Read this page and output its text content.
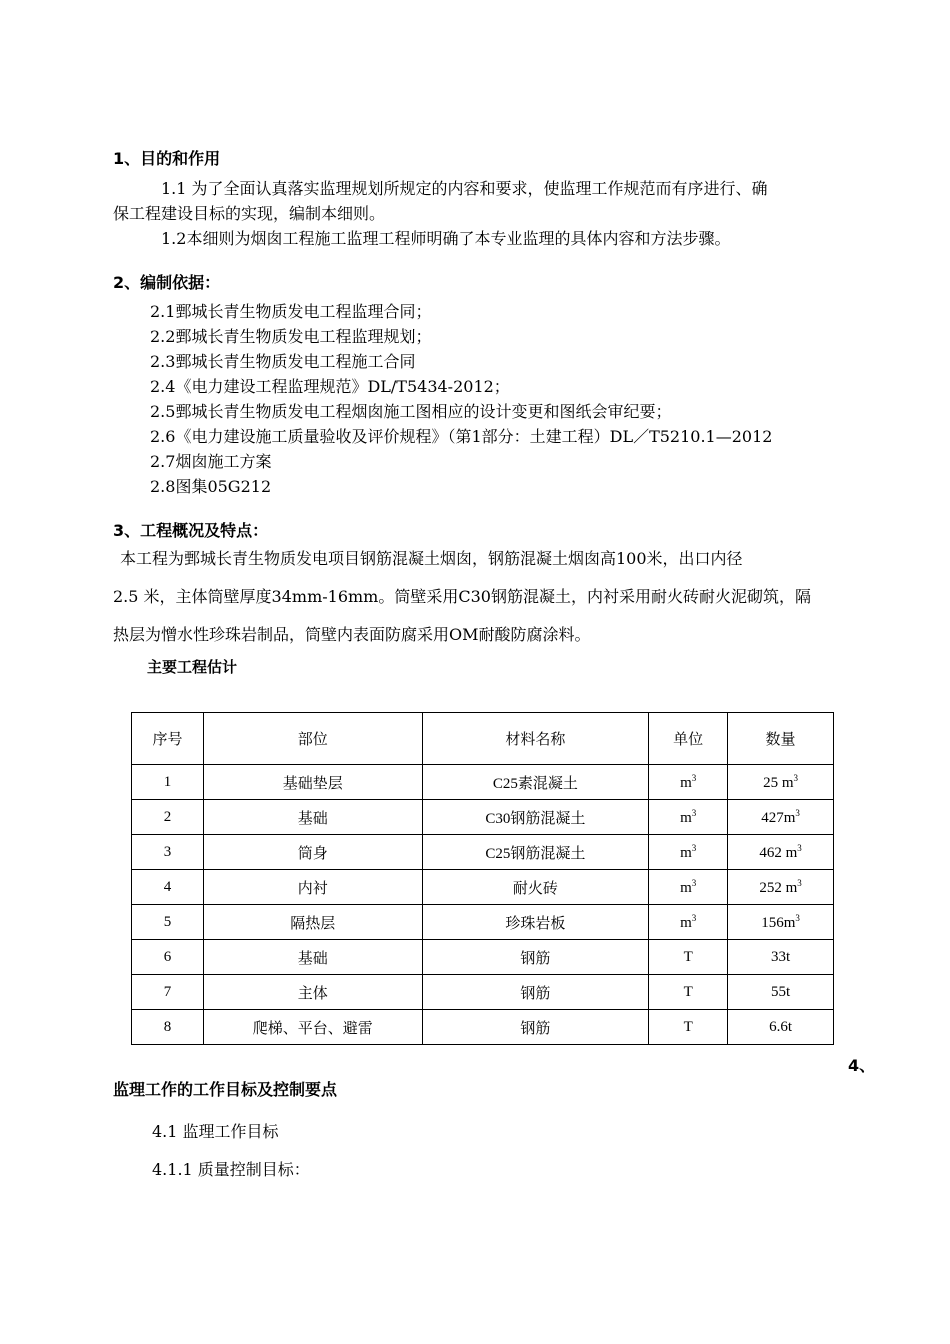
1、目的和作用
1.1 为了全面认真落实监理规划所规定的内容和要求，使监理工作规范而有序进行、确
保工程建设目标的实现，编制本细则。
1.2本细则为烟囱工程施工监理工程师明确了本专业监理的具体内容和方法步骤。
2、编制依据：
2.1鄄城长青生物质发电工程监理合同；
2.2鄄城长青生物质发电工程监理规划；
2.3鄄城长青生物质发电工程施工合同
2.4《电力建设工程监理规范》DL/T5434-2012；
2.5鄄城长青生物质发电工程烟囱施工图相应的设计变更和图纸会审纪要；
2.6《电力建设施工质量验收及评价规程》（第1部分：土建工程）DL／T5210.1—2012
2.7烟囱施工方案
2.8图集05G212
3、工程概况及特点：
本工程为鄄城长青生物质发电项目钢筋混凝土烟囱，钢筋混凝土烟囱高100米，出口内径
2.5 米，主体筒壁厚度34mm-16mm。筒壁采用C30钢筋混凝土，内衬采用耐火砖耐火泥砌筑，隔
热层为憎水性珍珠岩制品，筒壁内表面防腐采用OM耐酸防腐涂料。
主要工程估计
序号	部位	材料名称	单位	数量
1	基础垫层	C25素混凝土	$m^3$	25 $m^3$
2	基础	C30钢筋混凝土	$m^3$	$427m^3$
3	筒身	C25钢筋混凝土	$m^3$	462 $m^3$
4	内衬	耐火砖	$m^3$	252 $m^3$
5	隔热层	珍珠岩板	$m^3$	$156m^3$
6	基础	钢筋	T	33t
7	主体	钢筋	T	55t
8	爬梯、平台、避雷	钢筋	T	6.6t
4、
监理工作的工作目标及控制要点
4.1 监理工作目标
4.1.1 质量控制目标：
